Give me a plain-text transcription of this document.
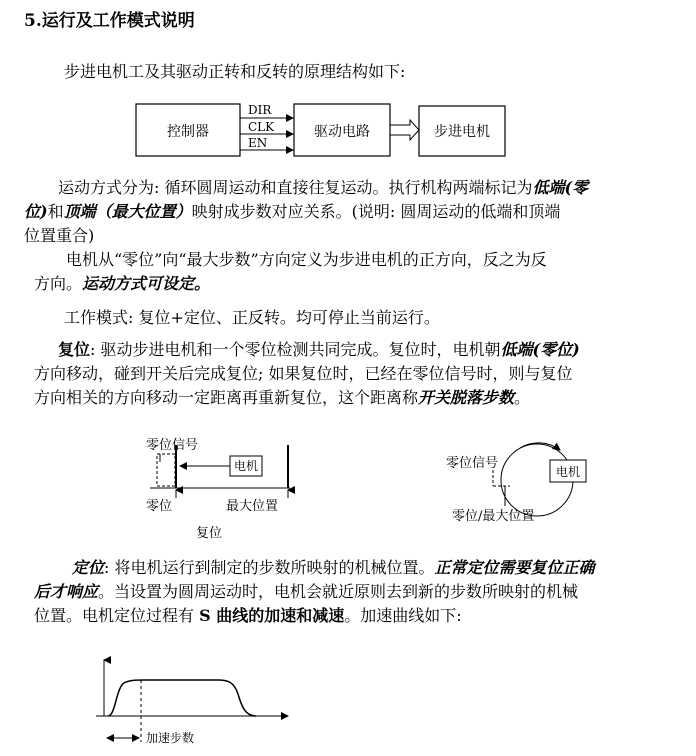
5.运行及工作模式说明
步进电机工及其驱动正转和反转的原理结构如下:
控制器
DIR
CLK
EN
驱动电路	步进电机
运动方式分为: 循环圆周运动和直接往复运动。执行机构两端标记为低端(零
位)和顶端（最大位置）映射成步数对应关系。(说明: 圆周运动的低端和顶端
位置重合)
电机从“零位”向“最大步数”方向定义为步进电机的正方向，反之为反
方向。运动方式可设定。
工作模式: 复位+定位、正反转。均可停止当前运行。
复位: 驱动步进电机和一个零位检测共同完成。复位时，电机朝低端(零位)
方向移动，碰到开关后完成复位; 如果复位时，已经在零位信号时，则与复位
方向相关的方向移动一定距离再重新复位，这个距离称开关脱落步数。
零位信号
电机
零位	最大位置
复位
零位信号
电机
零位/最大位置
定位: 将电机运行到制定的步数所映射的机械位置。正常定位需要复位正确
后才响应。当设置为圆周运动时，电机会就近原则去到新的步数所映射的机械
位置。电机定位过程有 S 曲线的加速和减速。加速曲线如下:
加速步数
